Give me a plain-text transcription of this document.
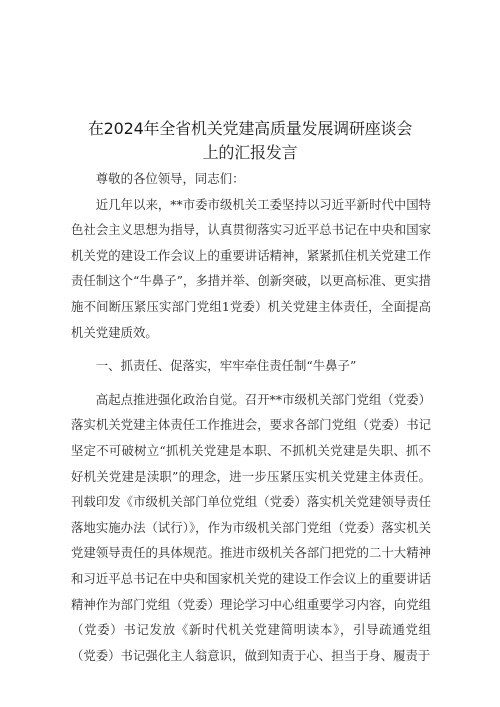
在2024年全省机关党建高质量发展调研座谈会
上的汇报发言

尊敬的各位领导，同志们：

近几年以来，**市委市级机关工委坚持以习近平新时代中国特色社会主义思想为指导，认真贯彻落实习近平总书记在中央和国家机关党的建设工作会议上的重要讲话精神，紧紧抓住机关党建工作责任制这个“牛鼻子”，多措并举、创新突破，以更高标准、更实措施不间断压紧压实部门党组1党委）机关党建主体责任，全面提高机关党建质效。

一、抓责任、促落实，牢牢牵住责任制“牛鼻子”

高起点推进强化政治自觉。召开**市级机关部门党组（党委）落实机关党建主体责任工作推进会，要求各部门党组（党委）书记坚定不可破树立“抓机关党建是本职、不抓机关党建是失职、抓不好机关党建是渎职”的理念，进一步压紧压实机关党建主体责任。刊载印发《市级机关部门单位党组（党委）落实机关党建领导责任落地实施办法（试行）》，作为市级机关部门党组（党委）落实机关党建领导责任的具体规范。推进市级机关各部门把党的二十大精神和习近平总书记在中央和国家机关党的建设工作会议上的重要讲话精神作为部门党组（党委）理论学习中心组重要学习内容，向党组（党委）书记发放《新时代机关党建简明读本》，引导疏通党组（党委）书记强化主人翁意识，做到知责于心、担当于身、履责于
